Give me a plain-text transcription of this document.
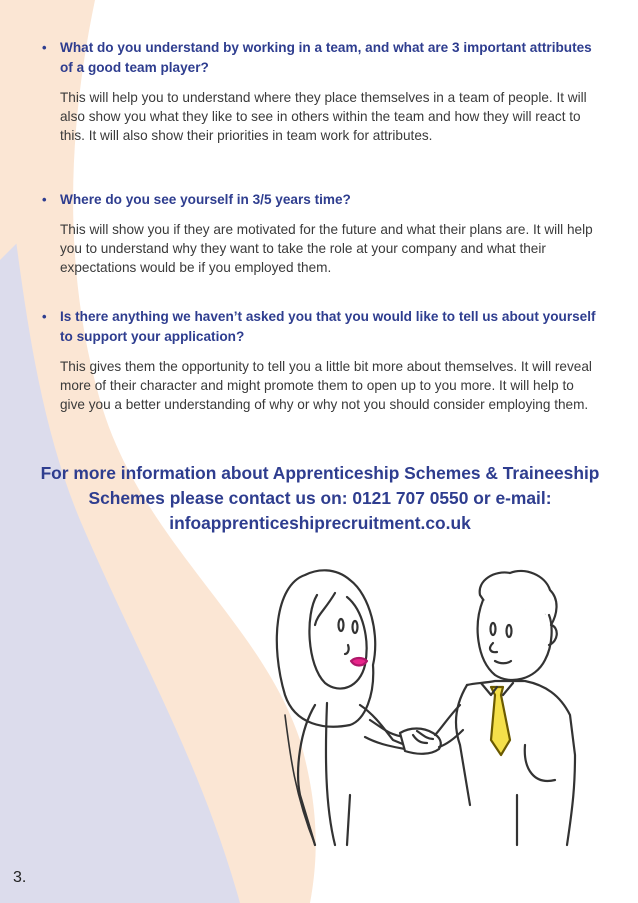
• What do you understand by working in a team, and what are 3 important attributes of a good team player?
This will help you to understand where they place themselves in a team of people. It will also show you what they like to see in others within the team and how they will react to this. It will also show their priorities in team work for attributes.
• Where do you see yourself in 3/5 years time?
This will show you if they are motivated for the future and what their plans are. It will help you to understand why they want to take the role at your company and what their expectations would be if you employed them.
• Is there anything we haven’t asked you that you would like to tell us about yourself to support your application?
This gives them the opportunity to tell you a little bit more about themselves. It will reveal more of their character and might promote them to open up to you more. It will help to give you a better understanding of why or why not you should consider employing them.
For more information about Apprenticeship Schemes & Traineeship Schemes please contact us on: 0121 707 0550 or e-mail: infoapprenticeshiprecruitment.co.uk
3.
